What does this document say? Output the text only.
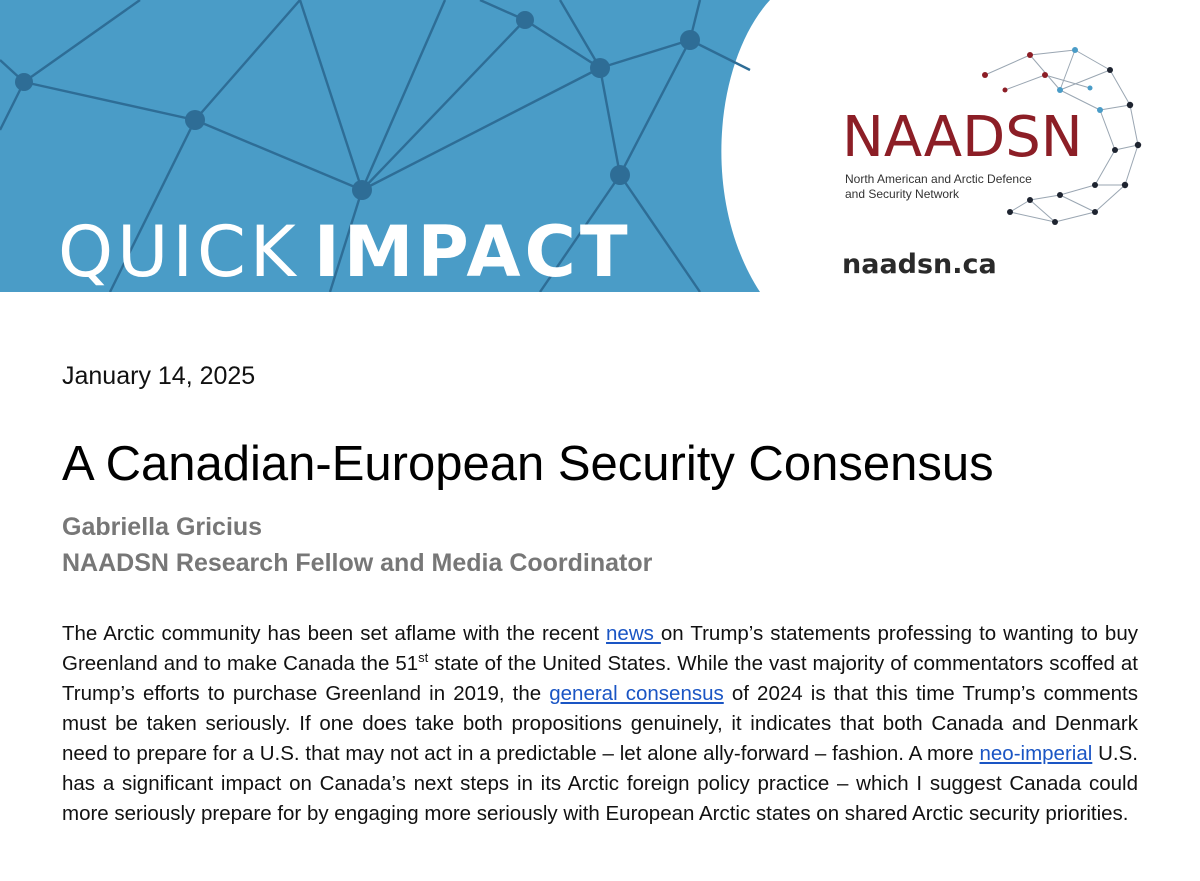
QUICK IMPACT
NAADSN
North American and Arctic Defence
and Security Network
naadsn.ca
January 14, 2025
A Canadian-European Security Consensus
Gabriella Gricius
NAADSN Research Fellow and Media Coordinator

The Arctic community has been set aflame with the recent news on Trump’s statements professing to wanting to buy Greenland and to make Canada the 51st state of the United States. While the vast majority of commentators scoffed at Trump’s efforts to purchase Greenland in 2019, the general consensus of 2024 is that this time Trump’s comments must be taken seriously. If one does take both propositions genuinely, it indicates that both Canada and Denmark need to prepare for a U.S. that may not act in a predictable – let alone ally-forward – fashion. A more neo-imperial U.S. has a significant impact on Canada’s next steps in its Arctic foreign policy practice – which I suggest Canada could more seriously prepare for by engaging more seriously with European Arctic states on shared Arctic security priorities.
